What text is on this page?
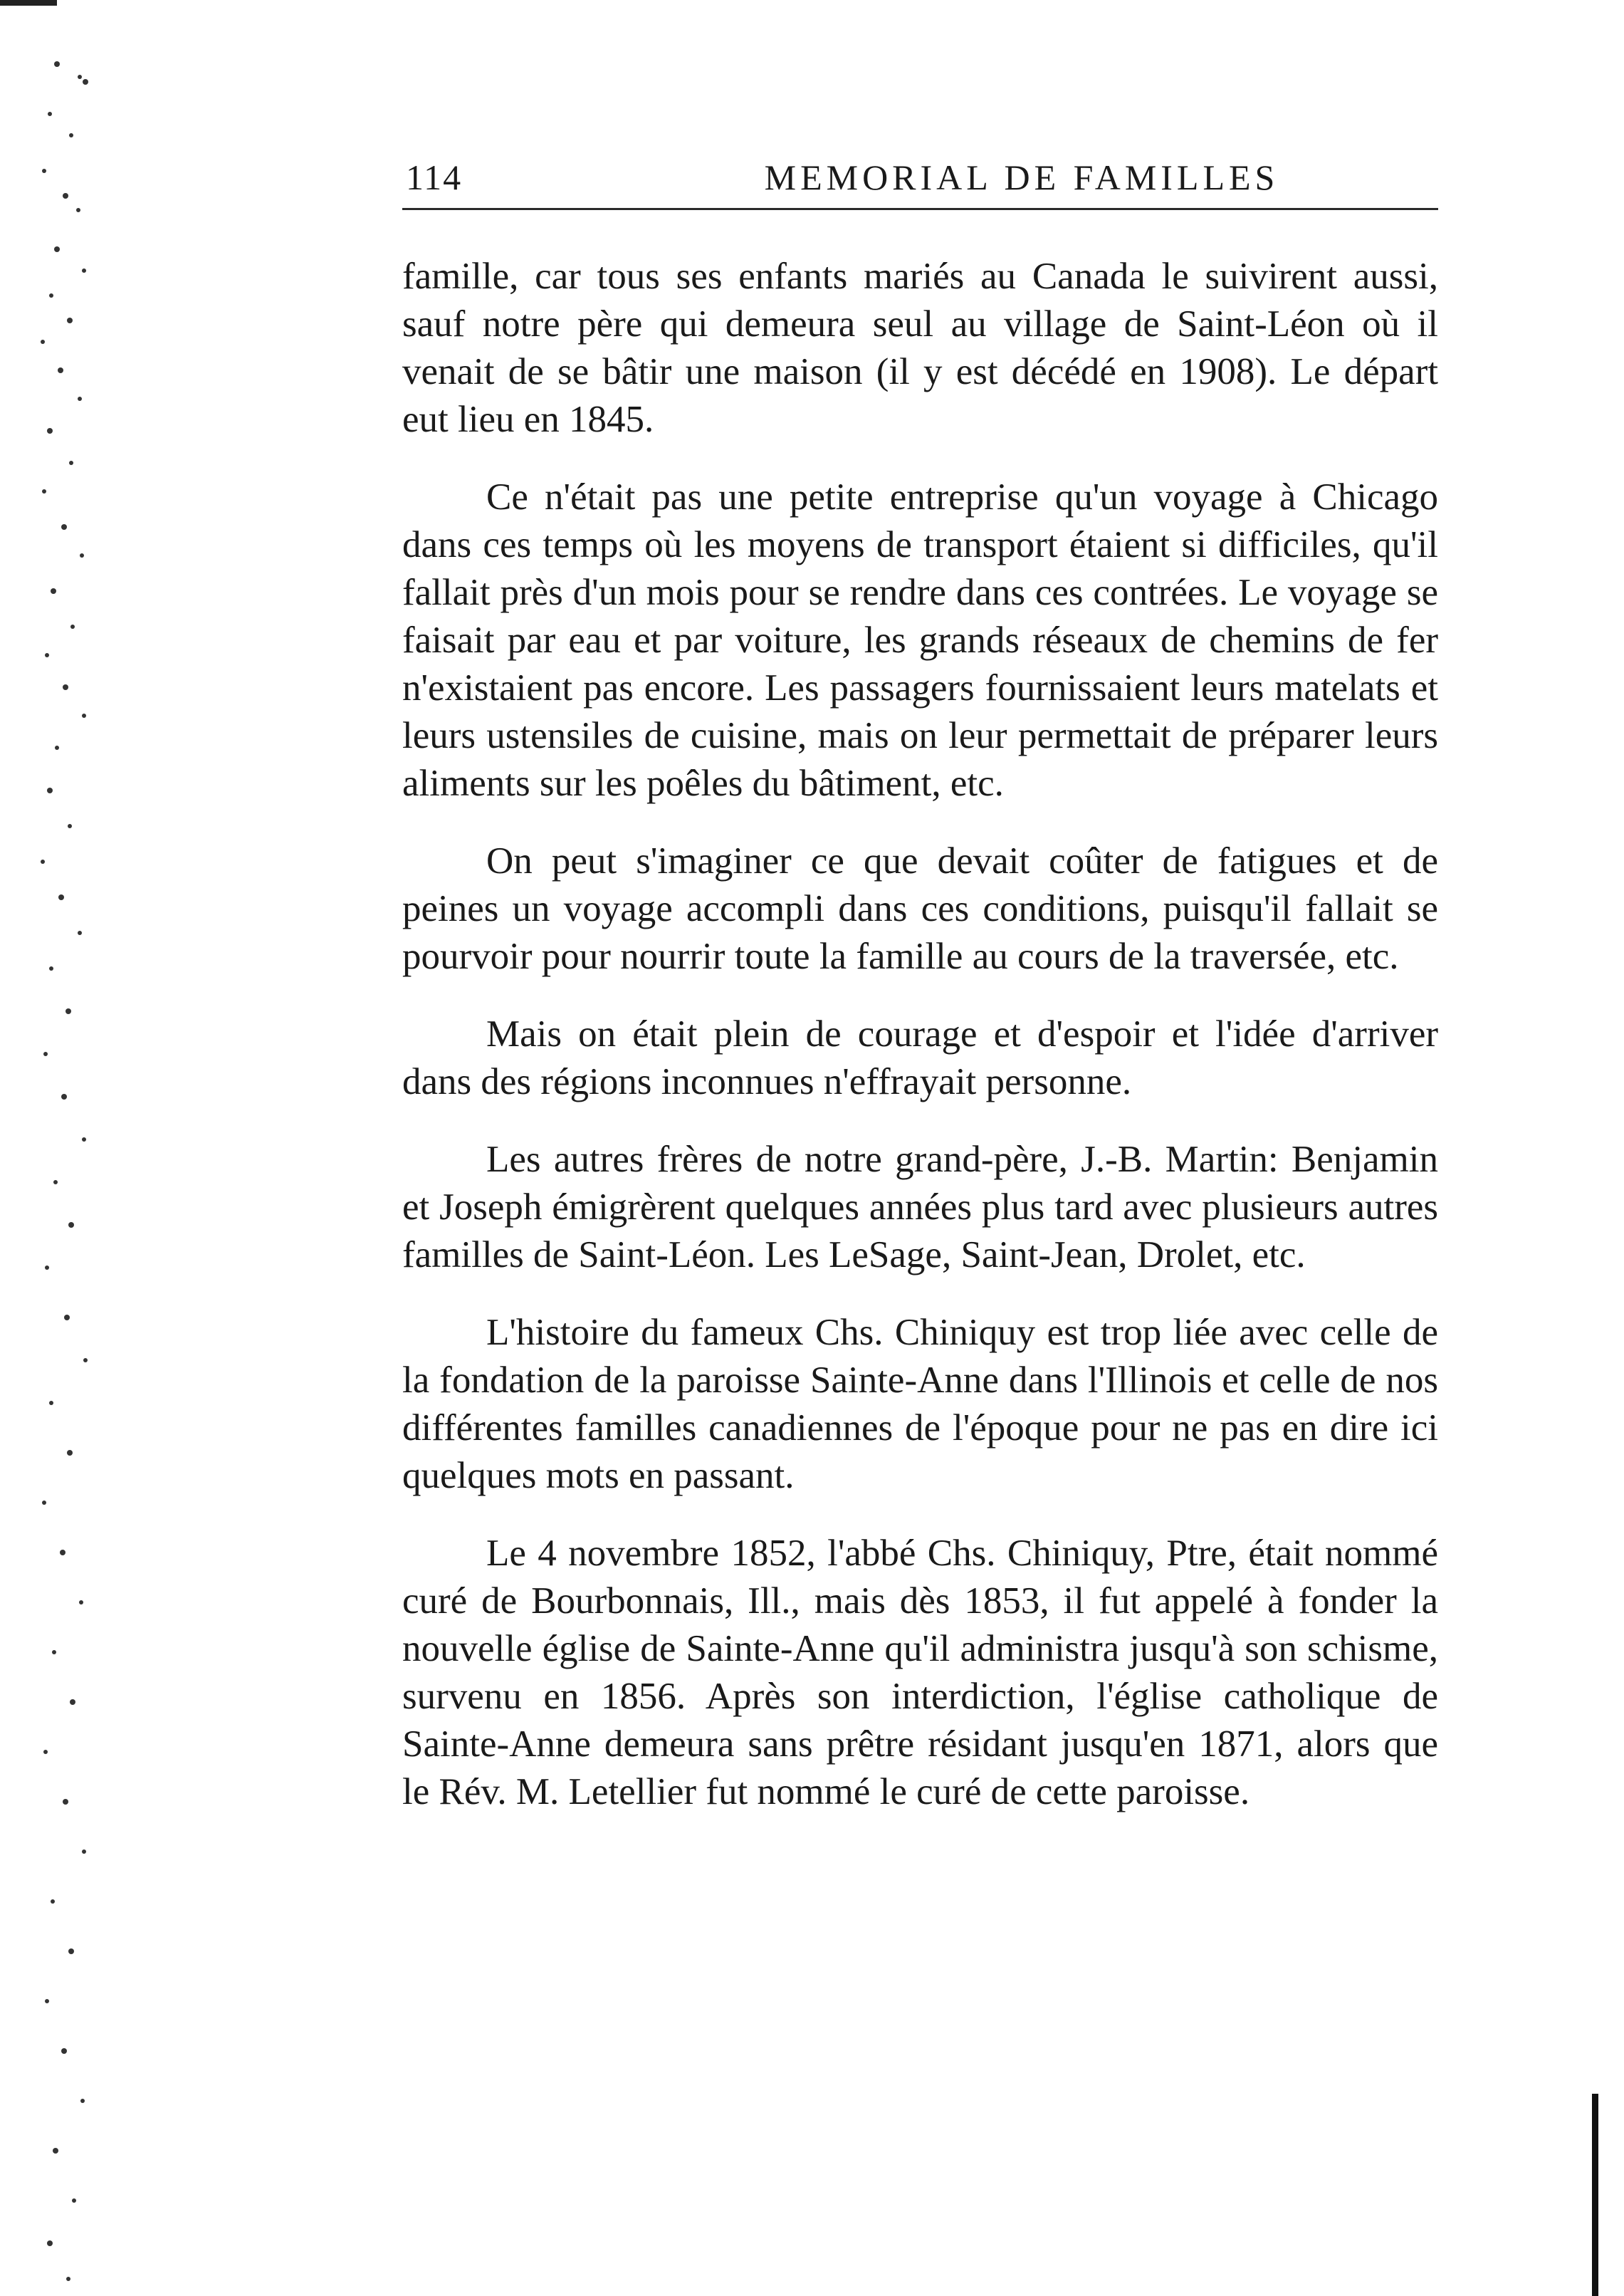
114	MEMORIAL DE FAMILLES

famille, car tous ses enfants mariés au Canada le suivirent aussi, sauf notre père qui demeura seul au village de Saint-Léon où il venait de se bâtir une maison (il y est décédé en 1908). Le départ eut lieu en 1845.

Ce n'était pas une petite entreprise qu'un voyage à Chicago dans ces temps où les moyens de transport étaient si difficiles, qu'il fallait près d'un mois pour se rendre dans ces contrées. Le voyage se faisait par eau et par voiture, les grands réseaux de chemins de fer n'existaient pas encore. Les passagers fournissaient leurs matelats et leurs ustensiles de cuisine, mais on leur permettait de préparer leurs aliments sur les poêles du bâtiment, etc.

On peut s'imaginer ce que devait coûter de fatigues et de peines un voyage accompli dans ces conditions, puisqu'il fallait se pourvoir pour nourrir toute la famille au cours de la traversée, etc.

Mais on était plein de courage et d'espoir et l'idée d'arriver dans des régions inconnues n'effrayait personne.

Les autres frères de notre grand-père, J.-B. Martin: Benjamin et Joseph émigrèrent quelques années plus tard avec plusieurs autres familles de Saint-Léon. Les LeSage, Saint-Jean, Drolet, etc.

L'histoire du fameux Chs. Chiniquy est trop liée avec celle de la fondation de la paroisse Sainte-Anne dans l'Illinois et celle de nos différentes familles canadiennes de l'époque pour ne pas en dire ici quelques mots en passant.

Le 4 novembre 1852, l'abbé Chs. Chiniquy, Ptre, était nommé curé de Bourbonnais, Ill., mais dès 1853, il fut appelé à fonder la nouvelle église de Sainte-Anne qu'il administra jusqu'à son schisme, survenu en 1856. Après son interdiction, l'église catholique de Sainte-Anne demeura sans prêtre résidant jusqu'en 1871, alors que le Rév. M. Letellier fut nommé le curé de cette paroisse.
